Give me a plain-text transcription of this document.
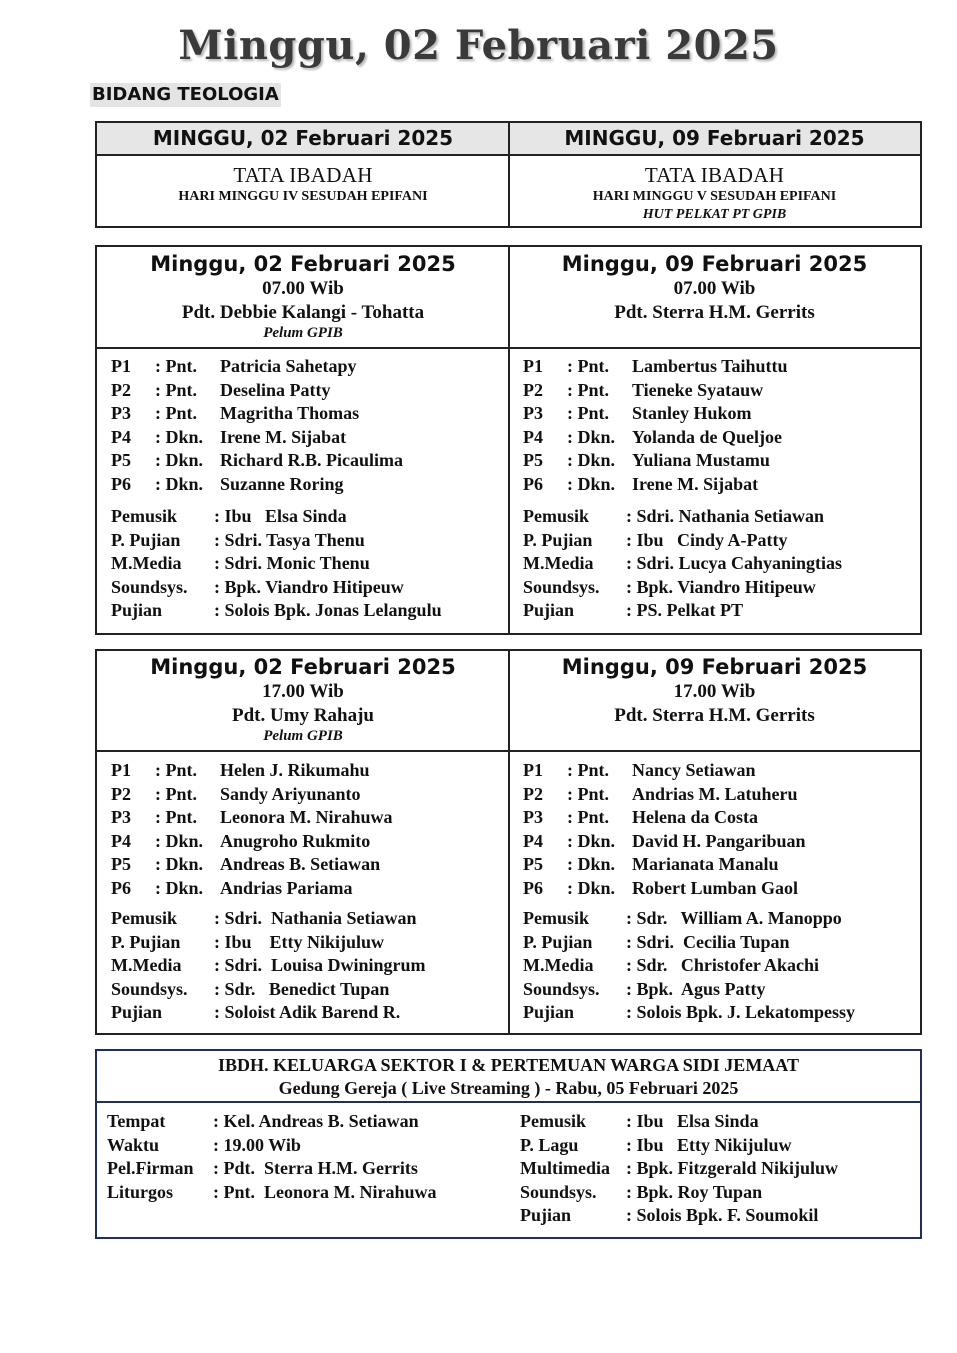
Minggu, 02 Februari 2025
BIDANG TEOLOGIA
MINGGU, 02 Februari 2025	MINGGU, 09 Februari 2025
TATA IBADAH
HARI MINGGU IV SESUDAH EPIFANI
TATA IBADAH
HARI MINGGU V SESUDAH EPIFANI
HUT PELKAT PT GPIB
Minggu, 02 Februari 2025
07.00 Wib
Pdt. Debbie Kalangi - Tohatta
Pelum GPIB
P1 : Pnt. Patricia Sahetapy
P2 : Pnt. Deselina Patty
P3 : Pnt. Magritha Thomas
P4 : Dkn. Irene M. Sijabat
P5 : Dkn. Richard R.B. Picaulima
P6 : Dkn. Suzanne Roring
Pemusik : Ibu   Elsa Sinda
P. Pujian : Sdri. Tasya Thenu
M.Media : Sdri. Monic Thenu
Soundsys. : Bpk. Viandro Hitipeuw
Pujian	: Solois Bpk. Jonas Lelangulu
Minggu, 09 Februari 2025
07.00 Wib
Pdt. Sterra H.M. Gerrits
P1 : Pnt. Lambertus Taihuttu
P2 : Pnt. Tieneke Syatauw
P3 : Pnt. Stanley Hukom
P4 : Dkn. Yolanda de Queljoe
P5 : Dkn. Yuliana Mustamu
P6 : Dkn. Irene M. Sijabat
Pemusik : Sdri. Nathania Setiawan
P. Pujian : Ibu   Cindy A-Patty
M.Media : Sdri. Lucya Cahyaningtias
Soundsys. : Bpk. Viandro Hitipeuw
Pujian	: PS. Pelkat PT
Minggu, 02 Februari 2025
17.00 Wib
Pdt. Umy Rahaju
Pelum GPIB
P1 : Pnt. Helen J. Rikumahu
P2 : Pnt. Sandy Ariyunanto
P3 : Pnt. Leonora M. Nirahuwa
P4 : Dkn. Anugroho Rukmito
P5 : Dkn. Andreas B. Setiawan
P6 : Dkn. Andrias Pariama
Pemusik : Sdri.  Nathania Setiawan
P. Pujian : Ibu    Etty Nikijuluw
M.Media : Sdri.  Louisa Dwiningrum
Soundsys. : Sdr.   Benedict Tupan
Pujian	: Soloist Adik Barend R.
Minggu, 09 Februari 2025
17.00 Wib
Pdt. Sterra H.M. Gerrits
P1 : Pnt. Nancy Setiawan
P2 : Pnt. Andrias M. Latuheru
P3 : Pnt. Helena da Costa
P4 : Dkn. David H. Pangaribuan
P5 : Dkn. Marianata Manalu
P6 : Dkn. Robert Lumban Gaol
Pemusik : Sdr.   William A. Manoppo
P. Pujian : Sdri.  Cecilia Tupan
M.Media : Sdr.   Christofer Akachi
Soundsys. : Bpk.  Agus Patty
Pujian	: Solois Bpk. J. Lekatompessy
IBDH. KELUARGA SEKTOR I & PERTEMUAN WARGA SIDI JEMAAT
Gedung Gereja ( Live Streaming ) - Rabu, 05 Februari 2025
Tempat	: Kel. Andreas B. Setiawan
Waktu	: 19.00 Wib
Pel.Firman : Pdt.  Sterra H.M. Gerrits
Liturgos : Pnt.  Leonora M. Nirahuwa
Pemusik : Ibu   Elsa Sinda
P. Lagu	: Ibu   Etty Nikijuluw
Multimedia : Bpk. Fitzgerald Nikijuluw
Soundsys. : Bpk. Roy Tupan
Pujian	: Solois Bpk. F. Soumokil
